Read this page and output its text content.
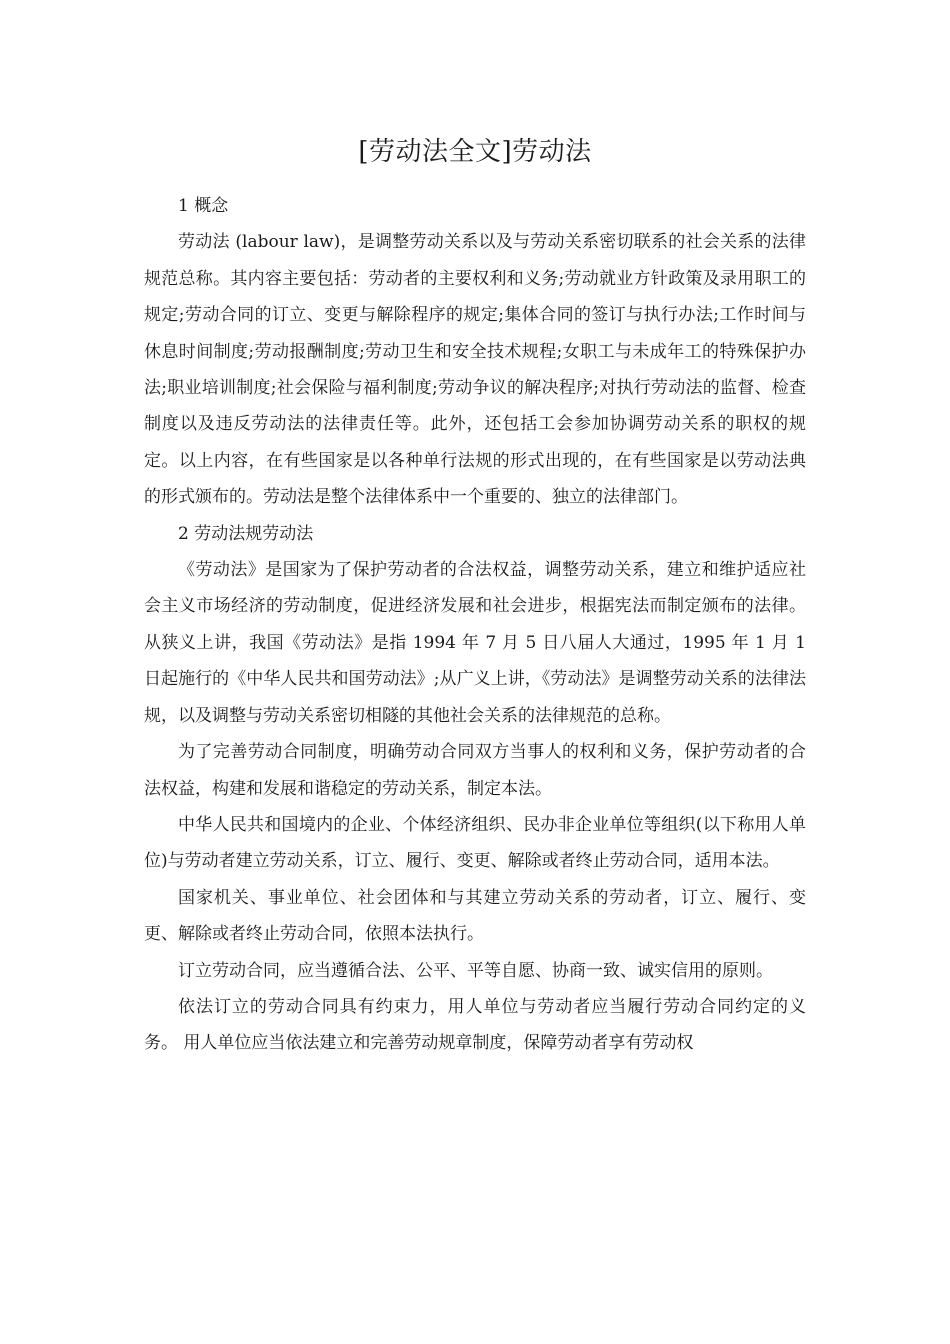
[劳动法全文]劳动法

1 概念

劳动法 (labour law)，是调整劳动关系以及与劳动关系密切联系的社会关系的法律规范总称。其内容主要包括：劳动者的主要权利和义务;劳动就业方针政策及录用职工的规定;劳动合同的订立、变更与解除程序的规定;集体合同的签订与执行办法;工作时间与休息时间制度;劳动报酬制度;劳动卫生和安全技术规程;女职工与未成年工的特殊保护办法;职业培训制度;社会保险与福利制度;劳动争议的解决程序;对执行劳动法的监督、检查制度以及违反劳动法的法律责任等。此外，还包括工会参加协调劳动关系的职权的规定。以上内容，在有些国家是以各种单行法规的形式出现的，在有些国家是以劳动法典的形式颁布的。劳动法是整个法律体系中一个重要的、独立的法律部门。

2 劳动法规劳动法

《劳动法》是国家为了保护劳动者的合法权益，调整劳动关系，建立和维护适应社会主义市场经济的劳动制度，促进经济发展和社会进步，根据宪法而制定颁布的法律。从狭义上讲，我国《劳动法》是指 1994 年 7 月 5 日八届人大通过，1995 年 1 月 1 日起施行的《中华人民共和国劳动法》;从广义上讲，《劳动法》是调整劳动关系的法律法规，以及调整与劳动关系密切相隧的其他社会关系的法律规范的总称。

为了完善劳动合同制度，明确劳动合同双方当事人的权利和义务，保护劳动者的合法权益，构建和发展和谐稳定的劳动关系，制定本法。

中华人民共和国境内的企业、个体经济组织、民办非企业单位等组织(以下称用人单位)与劳动者建立劳动关系，订立、履行、变更、解除或者终止劳动合同，适用本法。

国家机关、事业单位、社会团体和与其建立劳动关系的劳动者，订立、履行、变更、解除或者终止劳动合同，依照本法执行。

订立劳动合同，应当遵循合法、公平、平等自愿、协商一致、诚实信用的原则。

依法订立的劳动合同具有约束力，用人单位与劳动者应当履行劳动合同约定的义务。 用人单位应当依法建立和完善劳动规章制度，保障劳动者享有劳动权
